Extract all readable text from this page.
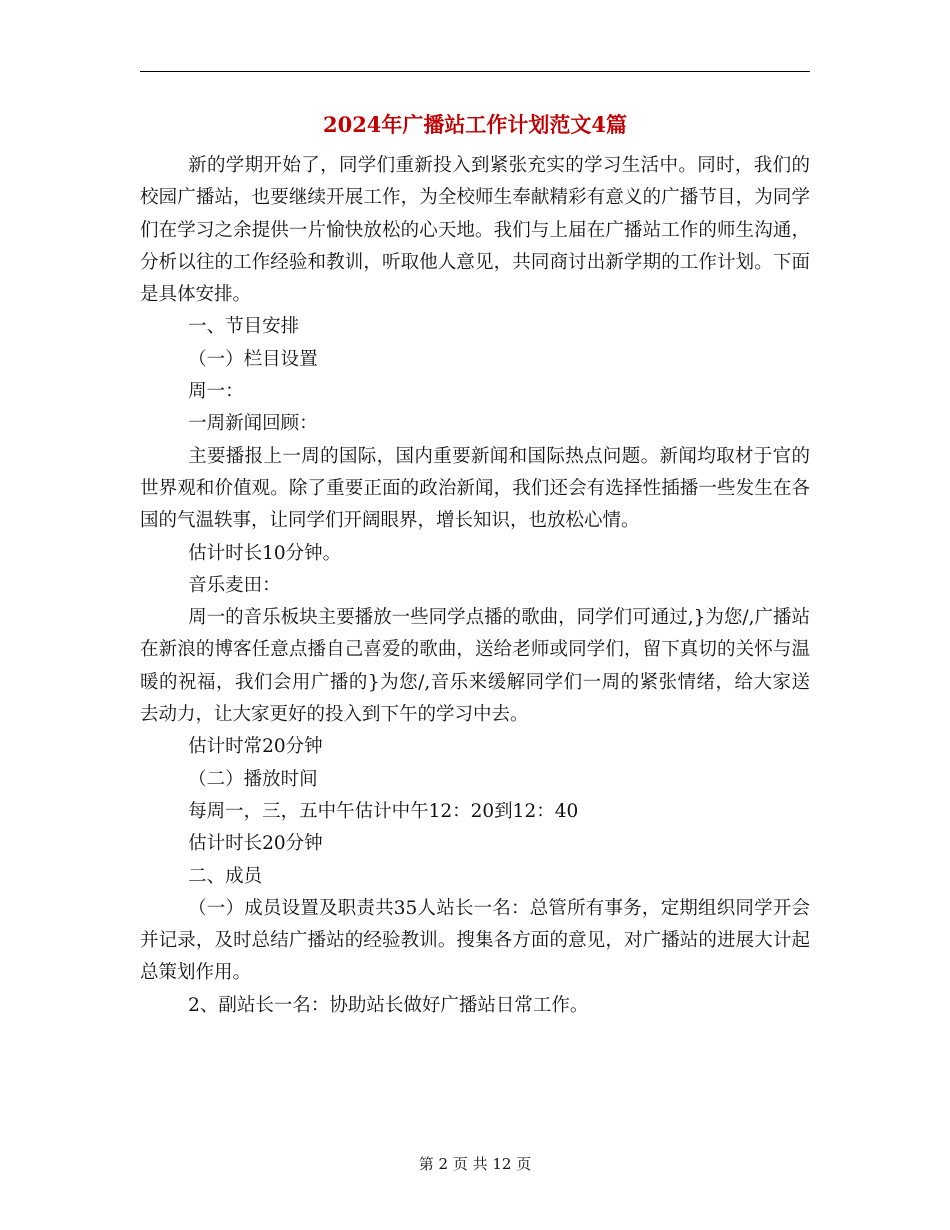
2024年广播站工作计划范文4篇

新的学期开始了，同学们重新投入到紧张充实的学习生活中。同时，我们的校园广播站，也要继续开展工作，为全校师生奉献精彩有意义的广播节目，为同学们在学习之余提供一片愉快放松的心天地。我们与上届在广播站工作的师生沟通，分析以往的工作经验和教训，听取他人意见，共同商讨出新学期的工作计划。下面是具体安排。

一、节目安排

（一）栏目设置

周一：

一周新闻回顾：

主要播报上一周的国际，国内重要新闻和国际热点问题。新闻均取材于官的世界观和价值观。除了重要正面的政治新闻，我们还会有选择性插播一些发生在各国的气温轶事，让同学们开阔眼界，增长知识，也放松心情。

估计时长10分钟。

音乐麦田：

周一的音乐板块主要播放一些同学点播的歌曲，同学们可通过,}为您/,广播站在新浪的博客任意点播自己喜爱的歌曲，送给老师或同学们，留下真切的关怀与温暖的祝福，我们会用广播的}为您/,音乐来缓解同学们一周的紧张情绪，给大家送去动力，让大家更好的投入到下午的学习中去。

估计时常20分钟

（二）播放时间

每周一，三，五中午估计中午12：20到12：40

估计时长20分钟

二、成员

（一）成员设置及职责共35人站长一名：总管所有事务，定期组织同学开会并记录，及时总结广播站的经验教训。搜集各方面的意见，对广播站的进展大计起总策划作用。

2、副站长一名：协助站长做好广播站日常工作。

第 2 页 共 12 页
